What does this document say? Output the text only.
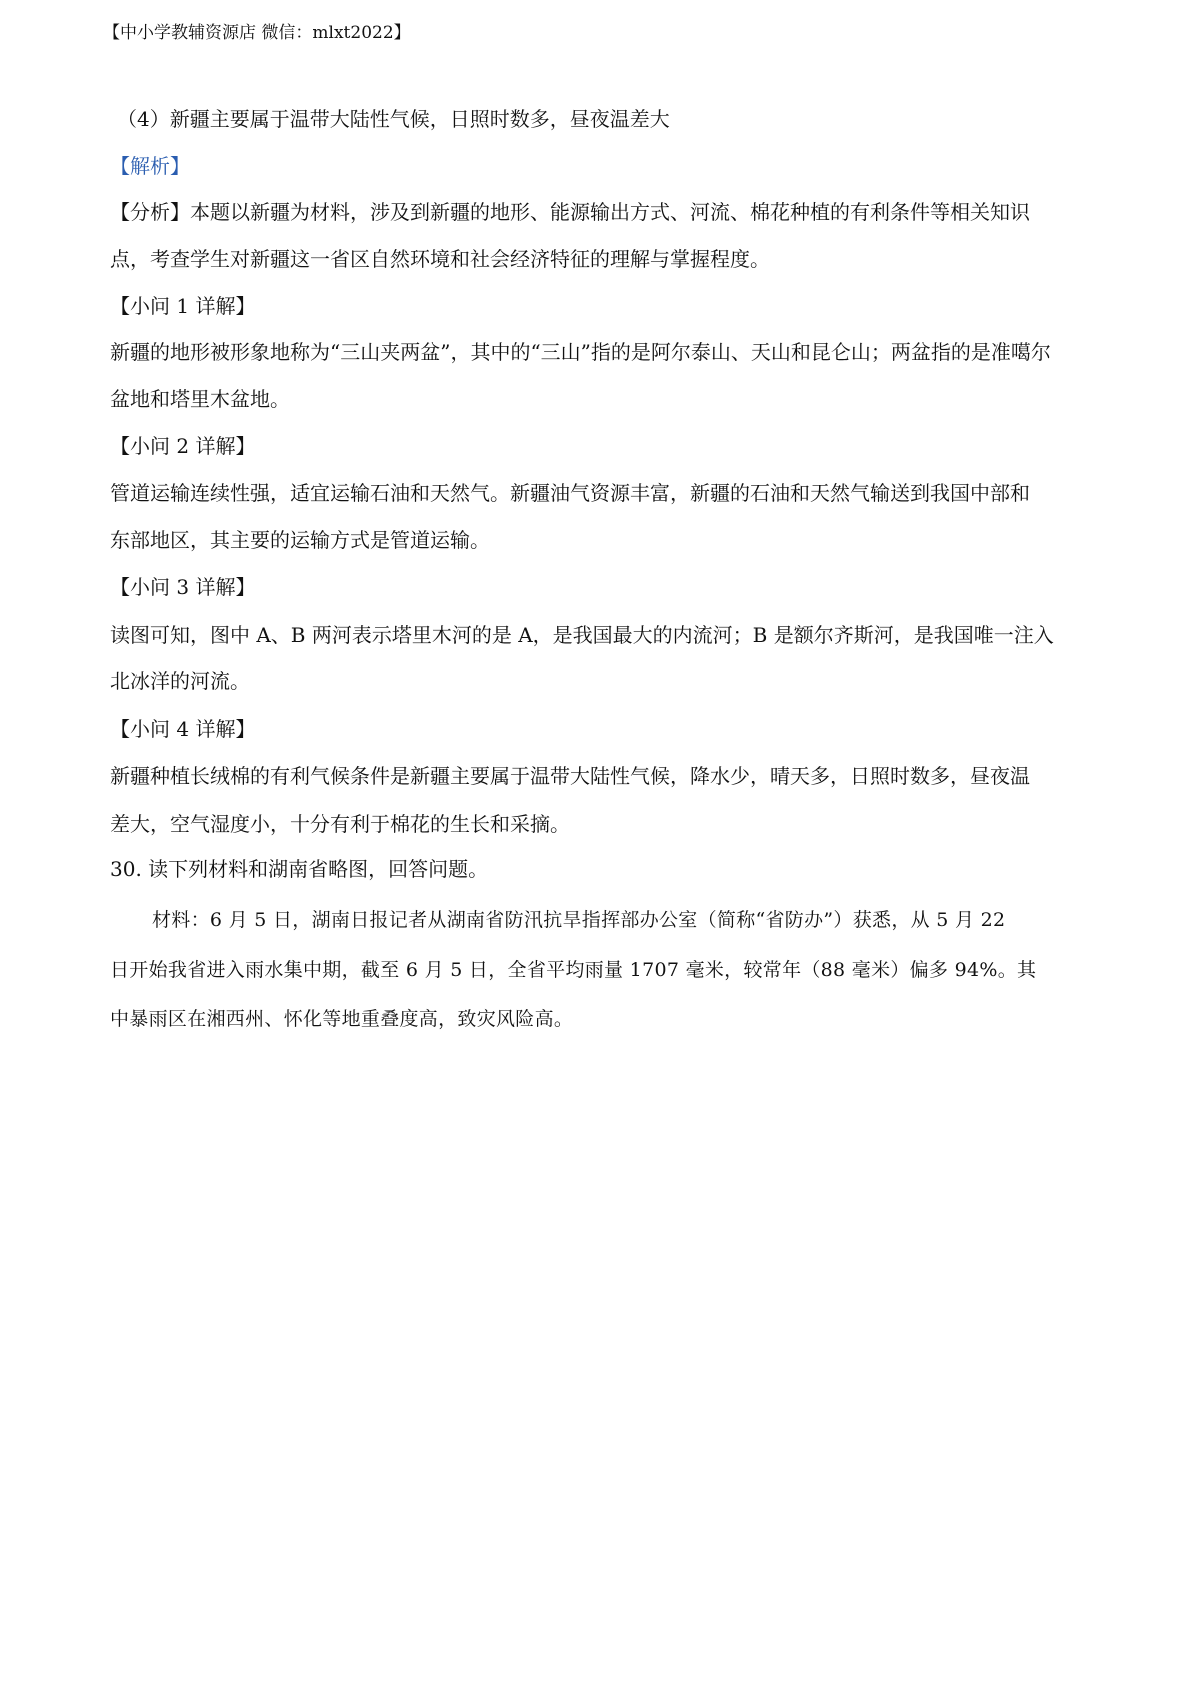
【中小学教辅资源店 微信：mlxt2022】
（4）新疆主要属于温带大陆性气候，日照时数多，昼夜温差大
【解析】
【分析】本题以新疆为材料，涉及到新疆的地形、能源输出方式、河流、棉花种植的有利条件等相关知识
点，考查学生对新疆这一省区自然环境和社会经济特征的理解与掌握程度。
【小问 1 详解】
新疆的地形被形象地称为“三山夹两盆”，其中的“三山”指的是阿尔泰山、天山和昆仑山；两盆指的是准噶尔
盆地和塔里木盆地。
【小问 2 详解】
管道运输连续性强，适宜运输石油和天然气。新疆油气资源丰富，新疆的石油和天然气输送到我国中部和
东部地区，其主要的运输方式是管道运输。
【小问 3 详解】
读图可知，图中 A、B 两河表示塔里木河的是 A，是我国最大的内流河；B 是额尔齐斯河，是我国唯一注入
北冰洋的河流。
【小问 4 详解】
新疆种植长绒棉的有利气候条件是新疆主要属于温带大陆性气候，降水少，晴天多，日照时数多，昼夜温
差大，空气湿度小，十分有利于棉花的生长和采摘。
30. 读下列材料和湖南省略图，回答问题。
材料：6 月 5 日，湖南日报记者从湖南省防汛抗旱指挥部办公室（简称“省防办”）获悉，从 5 月 22
日开始我省进入雨水集中期，截至 6 月 5 日，全省平均雨量 1707 毫米，较常年（88 毫米）偏多 94%。其
中暴雨区在湘西州、怀化等地重叠度高，致灾风险高。
